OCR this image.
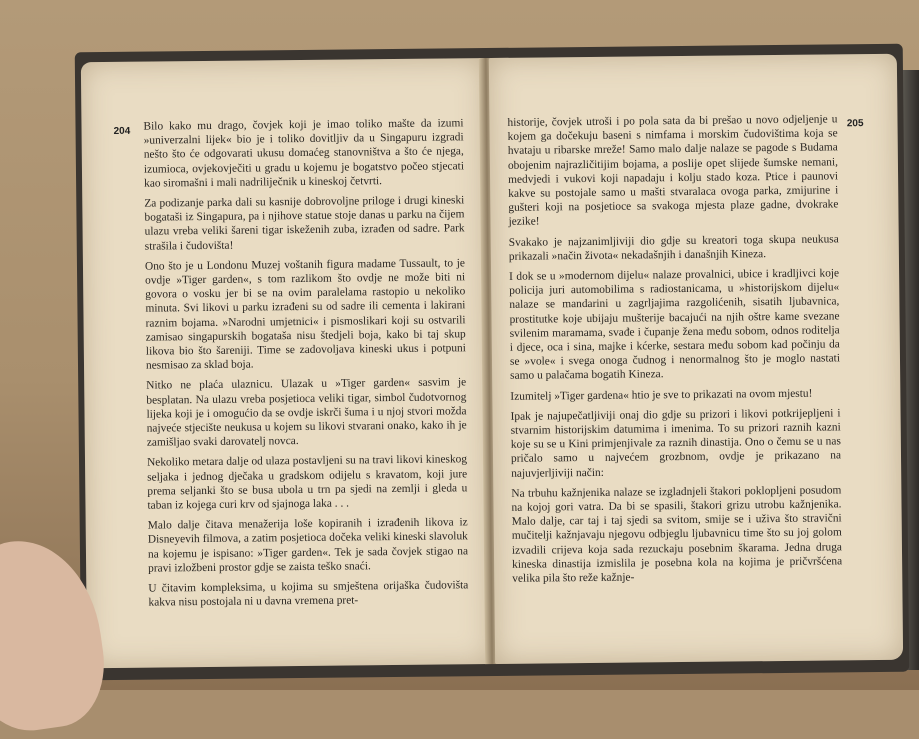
204 Bilo kako mu drago, čovjek koji je imao toliko mašte da izumi »univerzalni lijek« bio je i toliko dovitljiv da u Singapuru izgradi nešto što će odgovarati ukusu domaćeg stanovništva a što će njega, izumioca, ovjekovječiti u gradu u kojemu je bogatstvo počeo stjecati kao siromašni i mali nadriliječnik u kineskoj četvrti.

Za podizanje parka dali su kasnije dobrovoljne priloge i drugi kineski bogataši iz Singapura, pa i njihove statue stoje danas u parku na čijem ulazu vreba veliki šareni tigar iskeženih zuba, izrađen od sadre. Park strašila i čudovišta!

Ono što je u Londonu Muzej voštanih figura madame Tussault, to je ovdje »Tiger garden«, s tom razlikom što ovdje ne može biti ni govora o vosku jer bi se na ovim paralelama rastopio u nekoliko minuta. Svi likovi u parku izrađeni su od sadre ili cementa i lakirani raznim bojama. »Narodni umjetnici« i pismoslikari koji su ostvarili zamisao singapurskih bogataša nisu štedjeli boja, kako bi taj skup likova bio što šareniji. Time se zadovoljava kineski ukus i potpuni nesmisao za sklad boja.

Nitko ne plaća ulaznicu. Ulazak u »Tiger garden« sasvim je besplatan. Na ulazu vreba posjetioca veliki tigar, simbol čudotvornog lijeka koji je i omogućio da se ovdje iskrči šuma i u njoj stvori možda najveće stjecište neukusa u kojem su likovi stvarani onako, kako ih je zamišljao svaki darovatelj novca.

Nekoliko metara dalje od ulaza postavljeni su na travi likovi kineskog seljaka i jednog dječaka u gradskom odijelu s kravatom, koji jure prema seljanki što se busa ubola u trn pa sjedi na zemlji i gleda u taban iz kojega curi krv od sjajnoga laka . . .

Malo dalje čitava menažerija loše kopiranih i izrađenih likova iz Disneyevih filmova, a zatim posjetioca dočeka veliki kineski slavoluk na kojemu je ispisano: »Tiger garden«. Tek je sada čovjek stigao na pravi izložbeni prostor gdje se zaista teško snaći.

U čitavim kompleksima, u kojima su smještena orijaška čudovišta kakva nisu postojala ni u davna vremena pret-

205

historije, čovjek utroši i po pola sata da bi prešao u novo odjeljenje u kojem ga dočekuju baseni s nimfama i morskim čudovištima koja se hvataju u ribarske mreže! Samo malo dalje nalaze se pagode s Budama obojenim najrazličitijim bojama, a poslije opet slijede šumske nemani, medvjedi i vukovi koji napadaju i kolju stado koza. Ptice i paunovi kakve su postojale samo u mašti stvaralaca ovoga parka, zmijurine i gušteri koji na posjetioce sa svakoga mjesta plaze gadne, dvokrake jezike!

Svakako je najzanimljiviji dio gdje su kreatori toga skupa neukusa prikazali »način života« nekadašnjih i današnjih Kineza.

I dok se u »modernom dijelu« nalaze provalnici, ubice i kradljivci koje policija juri automobilima s radiostanicama, u »historijskom dijelu« nalaze se mandarini u zagrljajima razgolićenih, sisatih ljubavnica, prostitutke koje ubijaju mušterije bacajući na njih oštre kame svezane svilenim maramama, svađe i čupanje žena među sobom, odnos roditelja i djece, oca i sina, majke i kćerke, sestara među sobom kad počinju da se »vole« i svega onoga čudnog i nenormalnog što je moglo nastati samo u palačama bogatih Kineza.

Izumitelj »Tiger gardena« htio je sve to prikazati na ovom mjestu!

Ipak je najupečatljiviji onaj dio gdje su prizori i likovi potkrijepljeni i stvarnim historijskim datumima i imenima. To su prizori raznih kazni koje su se u Kini primjenjivale za raznih dinastija. Ono o čemu se u nas pričalo samo u najvećem grozbnom, ovdje je prikazano na najuvjerljiviji način:

Na trbuhu kažnjenika nalaze se izgladnjeli štakori poklopljeni posudom na kojoj gori vatra. Da bi se spasili, štakori grizu utrobu kažnjenika. Malo dalje, car taj i taj sjedi sa svitom, smije se i uživa što stravični mučitelji kažnjavaju njegovu odbjeglu ljubavnicu time što su joj golom izvadili crijeva koja sada rezuckaju posebnim škarama. Jedna druga kineska dinastija izmislila je posebna kola na kojima je pričvršćena velika pila što reže kažnje-
